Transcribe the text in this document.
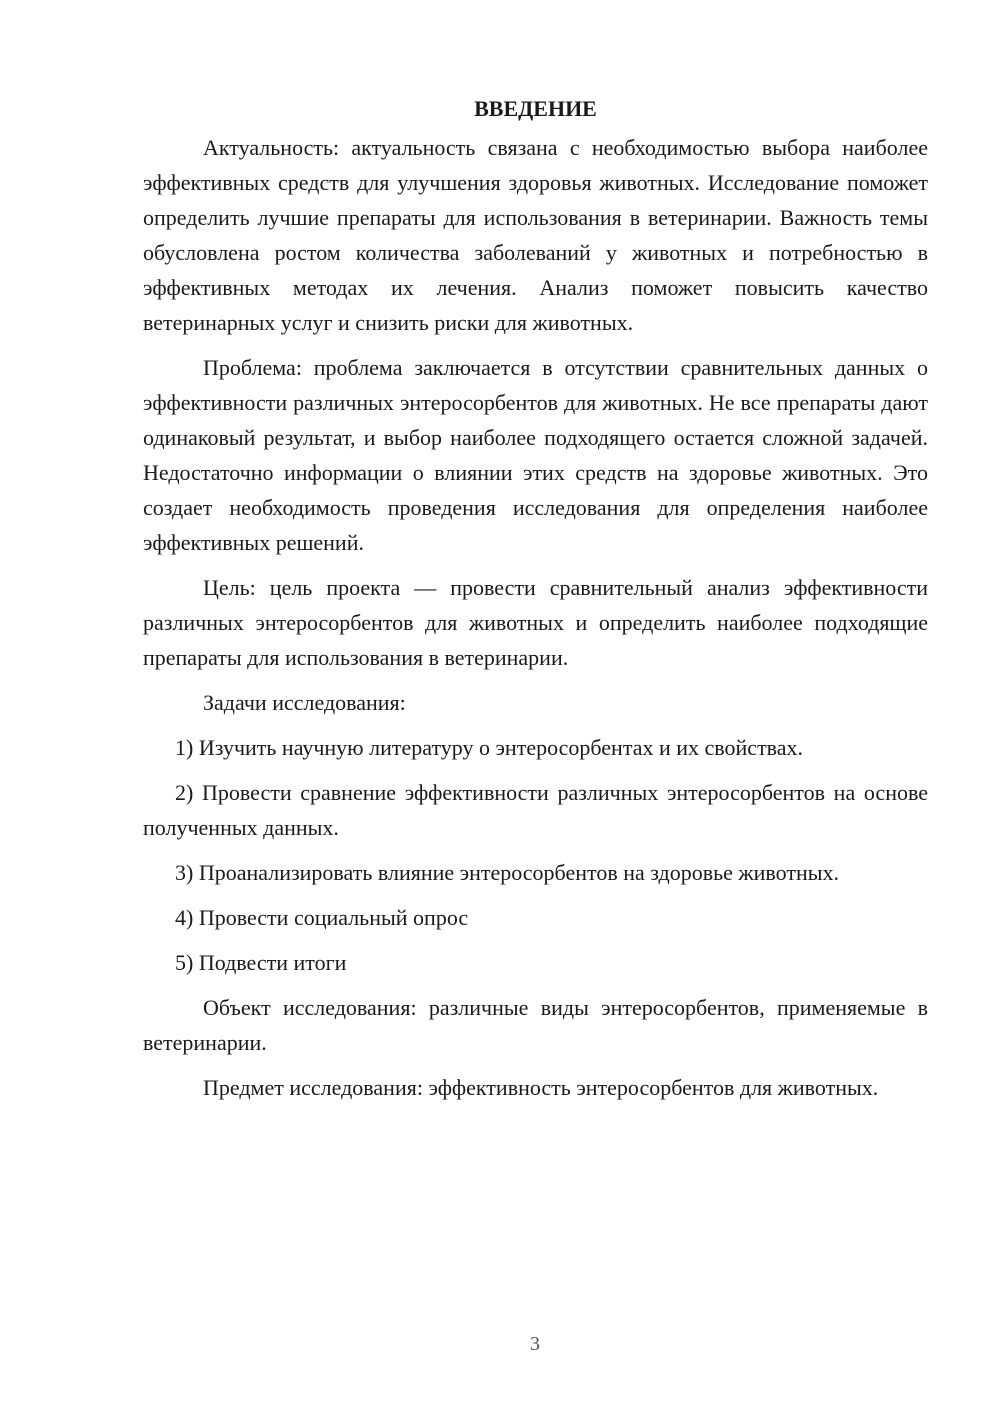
ВВЕДЕНИЕ

Актуальность: актуальность связана с необходимостью выбора наиболее эффективных средств для улучшения здоровья животных. Исследование поможет определить лучшие препараты для использования в ветеринарии. Важность темы обусловлена ростом количества заболеваний у животных и потребностью в эффективных методах их лечения. Анализ поможет повысить качество ветеринарных услуг и снизить риски для животных.

Проблема: проблема заключается в отсутствии сравнительных данных о эффективности различных энтеросорбентов для животных. Не все препараты дают одинаковый результат, и выбор наиболее подходящего остается сложной задачей. Недостаточно информации о влиянии этих средств на здоровье животных. Это создает необходимость проведения исследования для определения наиболее эффективных решений.

Цель: цель проекта — провести сравнительный анализ эффективности различных энтеросорбентов для животных и определить наиболее подходящие препараты для использования в ветеринарии.

Задачи исследования:

1) Изучить научную литературу о энтеросорбентах и их свойствах.

2) Провести сравнение эффективности различных энтеросорбентов на основе полученных данных.

3) Проанализировать влияние энтеросорбентов на здоровье животных.

4) Провести социальный опрос

5) Подвести итоги

Объект исследования: различные виды энтеросорбентов, применяемые в ветеринарии.

Предмет исследования: эффективность энтеросорбентов для животных.

3
